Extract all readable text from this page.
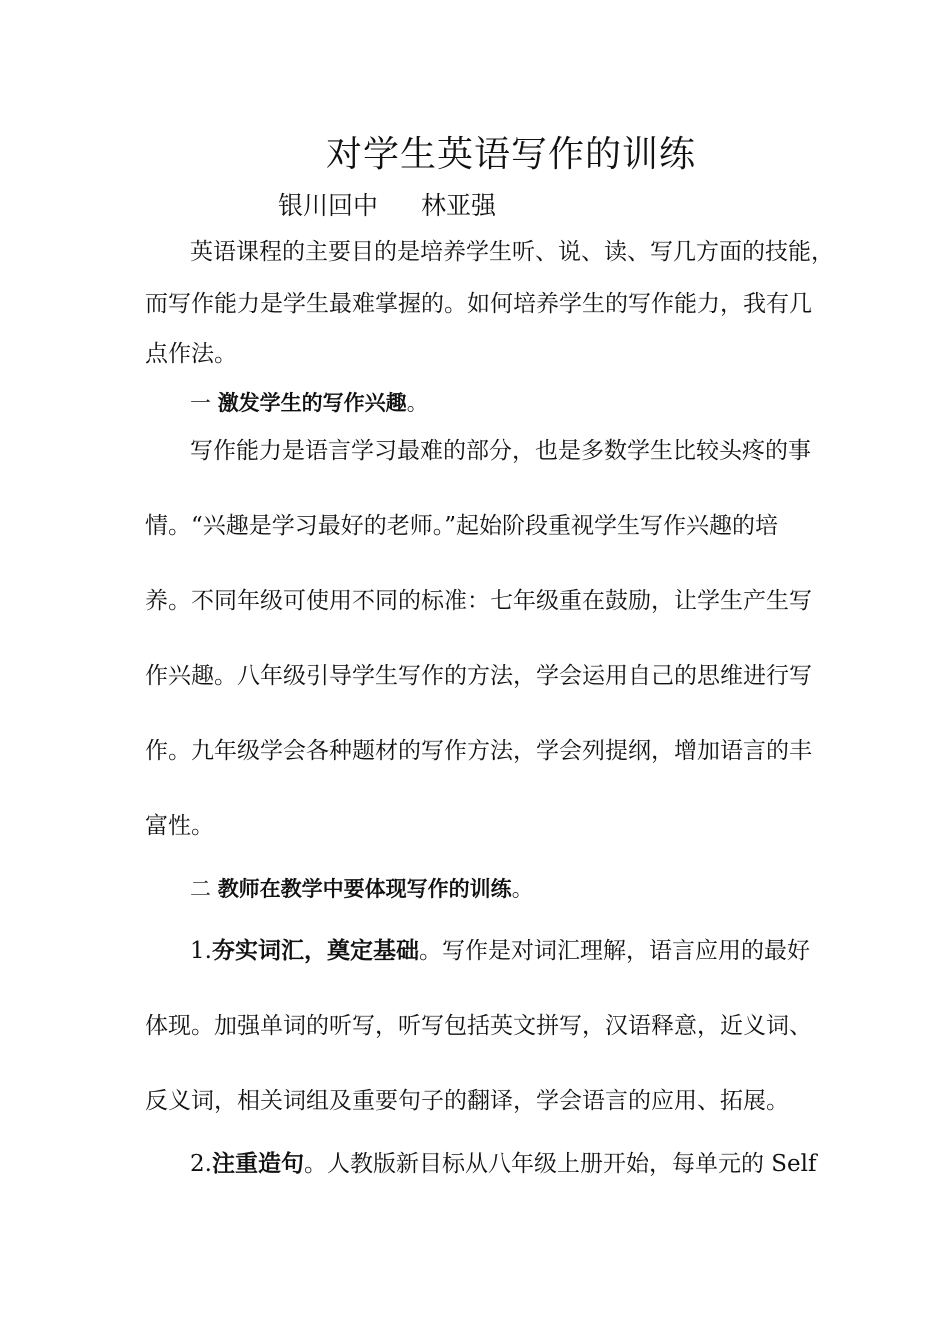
对学生英语写作的训练
银川回中 林亚强
英语课程的主要目的是培养学生听、说、读、写几方面的技能，
而写作能力是学生最难掌握的。如何培养学生的写作能力，我有几
点作法。
一 激发学生的写作兴趣。
写作能力是语言学习最难的部分，也是多数学生比较头疼的事
情。“兴趣是学习最好的老师。”起始阶段重视学生写作兴趣的培
养。不同年级可使用不同的标准：七年级重在鼓励，让学生产生写
作兴趣。八年级引导学生写作的方法，学会运用自己的思维进行写
作。九年级学会各种题材的写作方法，学会列提纲，增加语言的丰
富性。
二 教师在教学中要体现写作的训练。
1.夯实词汇，奠定基础。写作是对词汇理解，语言应用的最好
体现。加强单词的听写，听写包括英文拼写，汉语释意，近义词、
反义词，相关词组及重要句子的翻译，学会语言的应用、拓展。
2.注重造句。人教版新目标从八年级上册开始，每单元的 Self
